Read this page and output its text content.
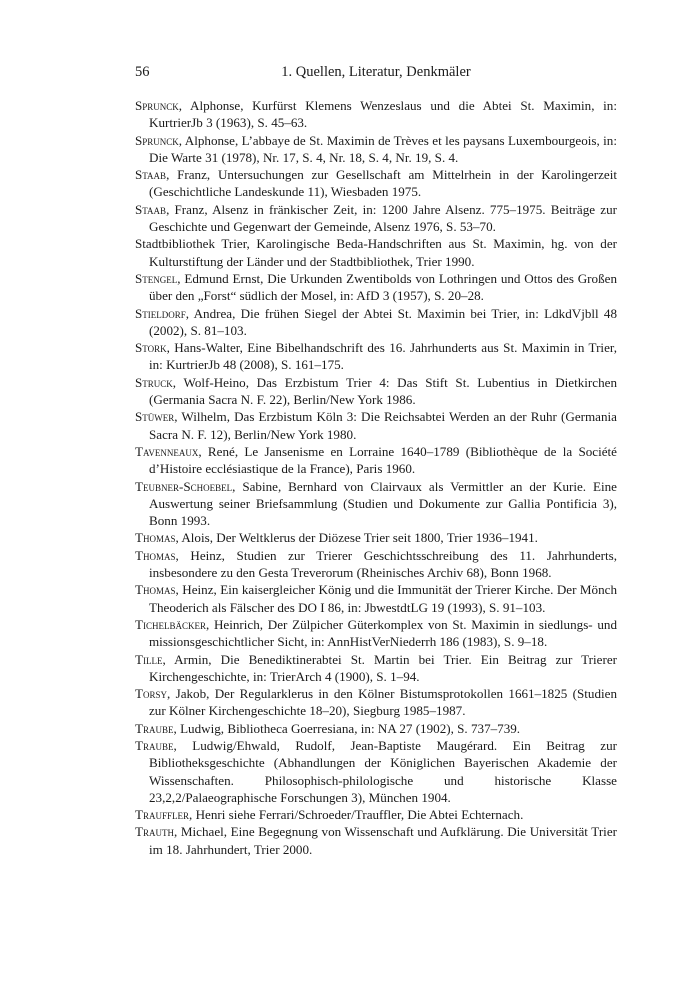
56	1. Quellen, Literatur, Denkmäler

Sprunck, Alphonse, Kurfürst Klemens Wenzeslaus und die Abtei St. Maximin, in: KurtrierJb 3 (1963), S. 45–63.

Sprunck, Alphonse, L’abbaye de St. Maximin de Trèves et les paysans Luxembourgeois, in: Die Warte 31 (1978), Nr. 17, S. 4, Nr. 18, S. 4, Nr. 19, S. 4.

Staab, Franz, Untersuchungen zur Gesellschaft am Mittelrhein in der Karolingerzeit (Geschichtliche Landeskunde 11), Wiesbaden 1975.

Staab, Franz, Alsenz in fränkischer Zeit, in: 1200 Jahre Alsenz. 775–1975. Beiträge zur Geschichte und Gegenwart der Gemeinde, Alsenz 1976, S. 53–70.

Stadtbibliothek Trier, Karolingische Beda-Handschriften aus St. Maximin, hg. von der Kulturstiftung der Länder und der Stadtbibliothek, Trier 1990.

Stengel, Edmund Ernst, Die Urkunden Zwentibolds von Lothringen und Ottos des Großen über den „Forst“ südlich der Mosel, in: AfD 3 (1957), S. 20–28.

Stieldorf, Andrea, Die frühen Siegel der Abtei St. Maximin bei Trier, in: LdkdVjbll 48 (2002), S. 81–103.

Stork, Hans-Walter, Eine Bibelhandschrift des 16. Jahrhunderts aus St. Maximin in Trier, in: KurtrierJb 48 (2008), S. 161–175.

Struck, Wolf-Heino, Das Erzbistum Trier 4: Das Stift St. Lubentius in Dietkirchen (Germania Sacra N. F. 22), Berlin/New York 1986.

Stüwer, Wilhelm, Das Erzbistum Köln 3: Die Reichsabtei Werden an der Ruhr (Germania Sacra N. F. 12), Berlin/New York 1980.

Tavenneaux, René, Le Jansenisme en Lorraine 1640–1789 (Bibliothèque de la Société d’Histoire ecclésiastique de la France), Paris 1960.

Teubner-Schoebel, Sabine, Bernhard von Clairvaux als Vermittler an der Kurie. Eine Auswertung seiner Briefsammlung (Studien und Dokumente zur Gallia Pontificia 3), Bonn 1993.

Thomas, Alois, Der Weltklerus der Diözese Trier seit 1800, Trier 1936–1941.

Thomas, Heinz, Studien zur Trierer Geschichtsschreibung des 11. Jahrhunderts, insbesondere zu den Gesta Treverorum (Rheinisches Archiv 68), Bonn 1968.

Thomas, Heinz, Ein kaisergleicher König und die Immunität der Trierer Kirche. Der Mönch Theoderich als Fälscher des DO I 86, in: JbwestdtLG 19 (1993), S. 91–103.

Tichelbäcker, Heinrich, Der Zülpicher Güterkomplex von St. Maximin in siedlungs- und missionsgeschichtlicher Sicht, in: AnnHistVerNiederrh 186 (1983), S. 9–18.

Tille, Armin, Die Benediktinerabtei St. Martin bei Trier. Ein Beitrag zur Trierer Kirchengeschichte, in: TrierArch 4 (1900), S. 1–94.

Torsy, Jakob, Der Regularklerus in den Kölner Bistumsprotokollen 1661–1825 (Studien zur Kölner Kirchengeschichte 18–20), Siegburg 1985–1987.

Traube, Ludwig, Bibliotheca Goerresiana, in: NA 27 (1902), S. 737–739.

Traube, Ludwig/Ehwald, Rudolf, Jean-Baptiste Maugérard. Ein Beitrag zur Bibliotheksgeschichte (Abhandlungen der Königlichen Bayerischen Akademie der Wissenschaften. Philosophisch-philologische und historische Klasse 23,2,2/Palaeographische Forschungen 3), München 1904.

Trauffler, Henri siehe Ferrari/Schroeder/Trauffler, Die Abtei Echternach.

Trauth, Michael, Eine Begegnung von Wissenschaft und Aufklärung. Die Universität Trier im 18. Jahrhundert, Trier 2000.
